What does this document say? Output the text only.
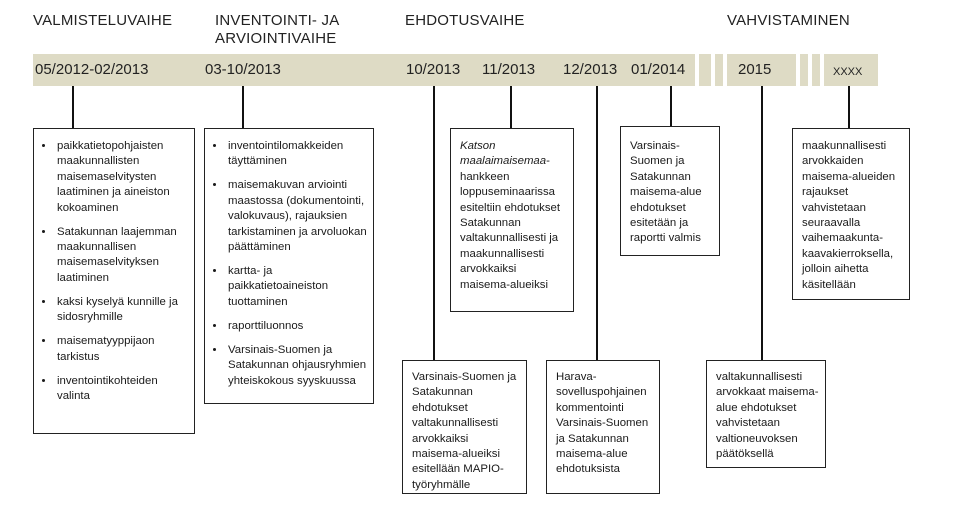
VALMISTELUVAIHE	INVENTOINTI- JA
ARVIOINTIVAIHE
EHDOTUSVAIHE	VAHVISTAMINEN
05/2012-02/2013	03-10/2013	10/2013 11/2013 12/2013 01/2014	2015	XXXX
• paikkatietopohjaisten maakunnallisten maisemaselvitysten laatiminen ja aineiston kokoaminen
• Satakunnan laajemman maakunnallisen maisemaselvityksen laatiminen
• kaksi kyselyä kunnille ja sidosryhmille
• maisematyyppijaon tarkistus
• inventointikohteiden valinta
• inventointilomakkeiden täyttäminen
• maisemakuvan arviointi maastossa (dokumentointi, valokuvaus), rajauksien tarkistaminen ja arvoluokan päättäminen
• kartta- ja paikkatietoaineiston tuottaminen
• raporttiluonnos
• Varsinais-Suomen ja Satakunnan ohjausryhmien yhteiskokous syyskuussa
Katson maalaimaisemaa-hankkeen loppuseminaarissa esiteltiin ehdotukset Satakunnan valtakunnallisesti ja maakunnallisesti arvokkaiksi maisema-alueiksi
Varsinais-Suomen ja Satakunnan ehdotukset valtakunnallisesti arvokkaiksi maisema-alueiksi esitellään MAPIO-työryhmälle
Harava-sovelluspohjainen kommentointi Varsinais-Suomen ja Satakunnan maisema-alue ehdotuksista
Varsinais-Suomen ja Satakunnan maisema-alue ehdotukset esitetään ja raportti valmis
valtakunnallisesti arvokkaat maisema-alue ehdotukset vahvistetaan valtioneuvoksen päätöksellä
maakunnallisesti arvokkaiden maisema-alueiden rajaukset vahvistetaan seuraavalla vaihemaakunta-kaavakierroksella, jolloin aihetta käsitellään
